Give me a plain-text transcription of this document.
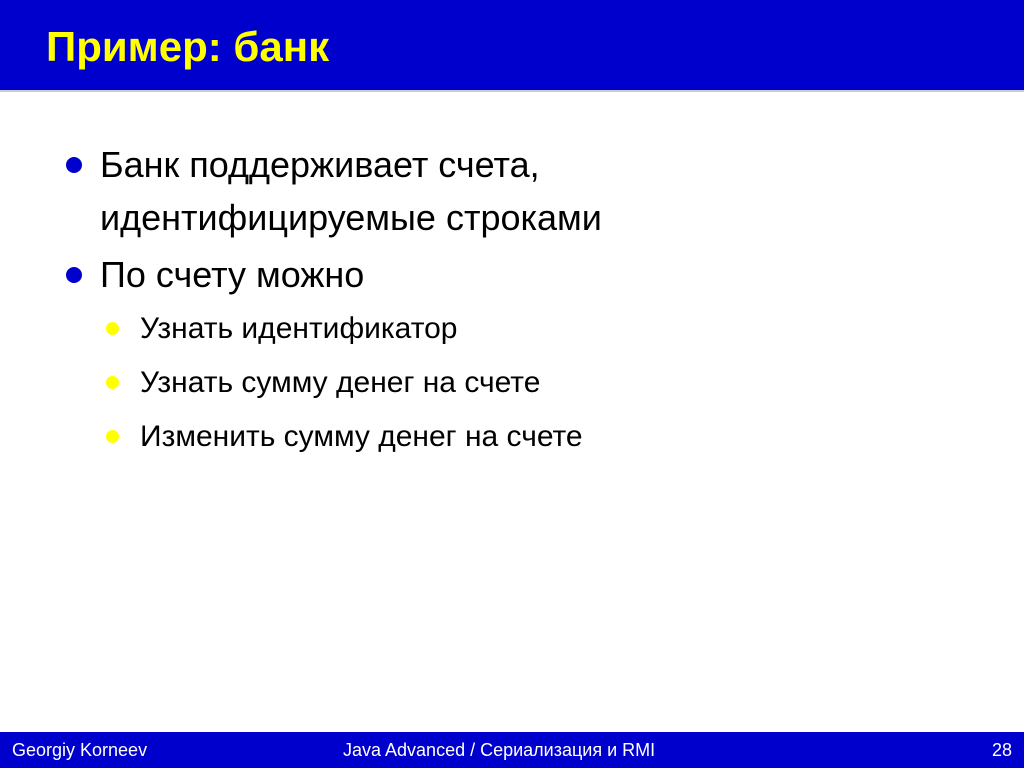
Пример: банк
Банк поддерживает счета,
идентифицируемые строками
По счету можно
Узнать идентификатор
Узнать сумму денег на счете
Изменить сумму денег на счете
Georgiy Korneev	Java Advanced / Сериализация и RMI	28
